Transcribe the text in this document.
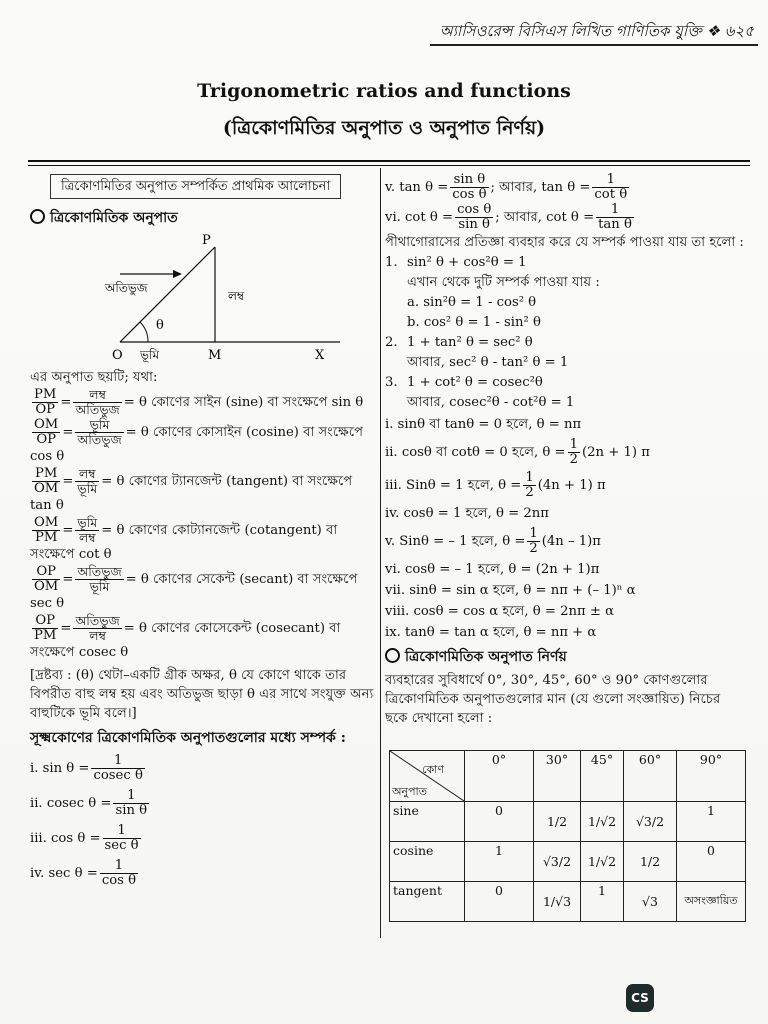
অ্যাসিওরেন্স বিসিএস লিখিত গাণিতিক যুক্তি ❖ ৬২৫
Trigonometric ratios and functions
(ত্রিকোণমিতির অনুপাত ও অনুপাত নির্ণয়)
ত্রিকোণমিতির অনুপাত সম্পর্কিত প্রাথমিক আলোচনা
ত্রিকোণমিতিক অনুপাত
P
O	M	X
θ
অতিভুজ
লম্ব
ভূমি
এর অনুপাত ছয়টি; যথা:
$\frac{PM}{OP} = \frac{\text{লম্ব}}{\text{অতিভুজ}} = \theta$ কোণের সাইন (sine) বা সংক্ষেপে sin θ
$\frac{OM}{OP} = \frac{\text{ভূমি}}{\text{অতিভুজ}} = \theta$ কোণের কোসাইন (cosine) বা সংক্ষেপে cos θ
$\frac{PM}{OM} = \frac{\text{লম্ব}}{\text{ভূমি}} = \theta$ কোণের ট্যানজেন্ট (tangent) বা সংক্ষেপে tan θ
$\frac{OM}{PM} = \frac{\text{ভূমি}}{\text{লম্ব}} = \theta$ কোণের কোট্যানজেন্ট (cotangent) বা সংক্ষেপে cot θ
$\frac{OP}{OM} = \frac{\text{অতিভুজ}}{\text{ভূমি}} = \theta$ কোণের সেকেন্ট (secant) বা সংক্ষেপে sec θ
$\frac{OP}{PM} = \frac{\text{অতিভুজ}}{\text{লম্ব}} = \theta$ কোণের কোসেকেন্ট (cosecant) বা সংক্ষেপে cosec θ
[দ্রষ্টব্য : (θ) থেটা–একটি গ্রীক অক্ষর, θ যে কোণে থাকে তার বিপরীত বাহু লম্ব হয় এবং অতিভুজ ছাড়া θ এর সাথে সংযুক্ত অন্য বাহুটিকে ভূমি বলে।]
সূক্ষ্মকোণের ত্রিকোণমিতিক অনুপাতগুলোর মধ্যে সম্পর্ক :
i. $\sin \theta = \frac{1}{\text{cosec θ}}$
ii. cosec $\theta = \frac{1}{\text{sin θ}}$
iii. $\cos \theta = \frac{1}{\text{sec θ}}$
iv. $\sec \theta = \frac{1}{\text{cos θ}}$
v. $\tan \theta = \frac{\text{sin θ}}{\text{cos θ}}$ ; আবার, $\tan \theta = \frac{1}{\text{cot θ}}$
vi. $\cot \theta = \frac{\text{cos θ}}{\text{sin θ}}$ ; আবার, $\cot \theta = \frac{1}{\text{tan θ}}$
পীথাগোরাসের প্রতিজ্ঞা ব্যবহার করে যে সম্পর্ক পাওয়া যায় তা হলো :
1. sin² θ + cos²θ = 1
এখান থেকে দুটি সম্পর্ক পাওয়া যায় :
a. sin²θ = 1 - cos² θ
b. cos² θ = 1 - sin² θ
2. 1 + tan² θ = sec² θ
আবার, sec² θ - tan² θ = 1
3. 1 + cot² θ = cosec²θ
আবার, cosec²θ - cot²θ = 1
i. sinθ বা tanθ = 0 হলে, θ = nπ
ii. cosθ বা cotθ = 0 হলে, $\theta = \frac{1}{2} (2n + 1)$ π
iii. Sinθ = 1 হলে, $\theta = \frac{1}{2} (4n + 1)$ π
iv. cosθ = 1 হলে, θ = 2nπ
v. Sinθ = – 1 হলে, $\theta = \frac{1}{2} (4n - 1)\pi$
vi. cosθ = – 1 হলে, θ = (2n + 1)π
vii. sinθ = sin α হলে, θ = nπ + (– 1)ⁿ α
viii. cosθ = cos α হলে, θ = 2nπ ± α
ix. tanθ = tan α হলে, θ = nπ + α
ত্রিকোণমিতিক অনুপাত নির্ণয়
ব্যবহারের সুবিধার্থে 0°, 30°, 45°, 60° ও 90° কোণগুলোর ত্রিকোণমিতিক অনুপাতগুলোর মান (যে গুলো সংজ্ঞায়িত) নিচের ছকে দেখানো হলো :
কোণ
অনুপাত	0°	30°	45°	60°	90°
sine	0	1/2	1/√2	√3/2	1
cosine	1	√3/2	1/√2	1/2	0
tangent	0	1/√3	1	√3	অসংজ্ঞায়িত
CS
